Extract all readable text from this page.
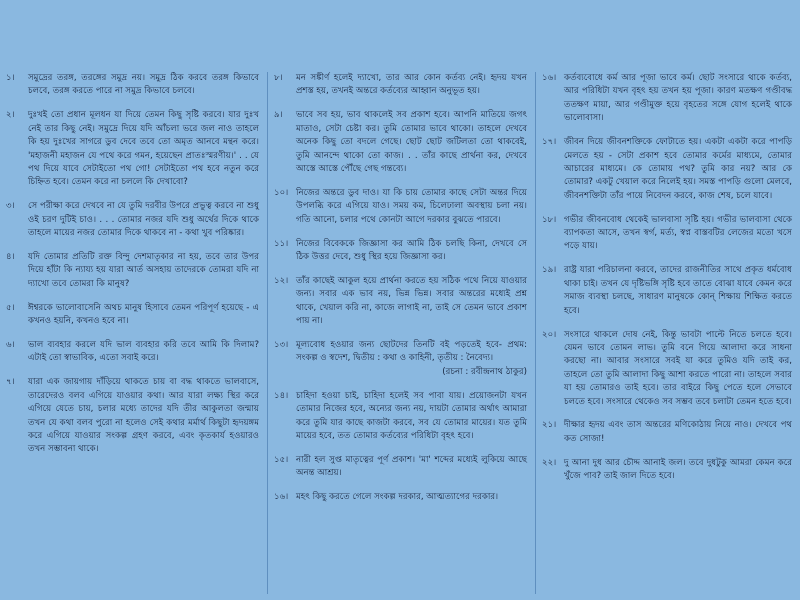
১।	সমুদ্রের তরঙ্গ, তরঙ্গের সমুদ্র নয়। সমুদ্র ঠিক করবে তরঙ্গ কিভাবে চলবে, তরঙ্গ করতে পারে না সমুদ্র কিভাবে চলবে।
২।	দুঃখই তো প্রধান মূলধন যা দিয়ে তেমন কিছু সৃষ্টি করবে। যার দুঃখ নেই তার কিছু নেই। সমুদ্রে দিয়ে যদি আঁচলা ভরে জল নাও তাহলে কি হয় দুঃখের সাগরে ডুব দেবে তবে তো অমৃত আনবে মন্থন করে। 'মহাজনী মহাজন যে পথে করে গমন, হয়েছেন প্রাতঃস্মরণীয়।' . . যে পথ দিয়ে যাবে সেটাইতো পথ গো! সেটাইতো পথ হবে নতুন করে চিহ্নিত হবে। তেমন করে না চললে কি দেখাবো?
৩।	সে পরীক্ষা করে দেখবে না যে তুমি দরবীর উপরে প্রভুত্ব করবে না শুধু ওই চরণ দুটিই চাও। . . . তোমার নজর যদি শুধু অর্থের দিকে থাকে তাহলে মায়ের নজর তোমার দিকে থাকবে না - কথা খুব পরিষ্কার।
৪।	যদি তোমার প্রতিটি রক্ত বিন্দু দেশমাতৃকার না হয়, তবে তার উপর দিয়ে হাঁটা কি ন্যায্য হয় যারা আর্ত অসহায় তাদেরকে তোমরা যদি না দ্যাখো তবে তোমরা কি মানুষ?
৫।	ঈশ্বরকে ভালোবাসেনি অথচ মানুষ হিসাবে তেমন পরিপূর্ণ হয়েছে - এ কখনও হয়নি, কখনও হবে না।
৬।	ভাল ব্যবহার করলে যদি ভাল ব্যবহার করি তবে আমি কি দিলাম? এটাই তো স্বাভাবিক, এতো সবাই করে।
৭।	যারা এক জায়গায় দাঁড়িয়ে থাকতে চায় বা বদ্ধ থাকতে ভালবাসে, তারেদেরও বলব এগিয়ে যাওয়ার কথা। আর যারা লক্ষ্য স্থির করে এগিয়ে যেতে চায়, চলার মধ্যে তাদের যদি তীর আকুলতা জন্মায় তখন যে কথা বলব পুরো না হলেও সেই কথার মর্মার্থ কিছুটা হৃদয়ঙ্গম করে এগিয়ে যাওয়ার সংকল্প গ্রহণ করবে, এবং কৃতকার্য হওয়ারও তখন সম্ভাবনা থাকে।
৮।	মন সঙ্কীর্ণ হলেই দ্যাখো, তার আর কোন কর্তব্য নেই। হৃদয় যখন প্রশস্ত হয়, তখনই অন্তরে কর্তব্যের আহ্বান অনুভূত হয়।
৯।	ভাবে সব হয়, ভাব থাকলেই সব প্রকাশ হবে। আপনি মাতিয়ে জগৎ মাতাও, সেটা চেষ্টা কর। তুমি তোমার ভাবে থাকো। তাহলে দেখবে অনেক কিছু তো বদলে গেছে। ছোট ছোট জটিলতা তো থাকবেই, তুমি আনন্দে থাকো তো কাজ। . . তাঁর কাছে প্রার্থনা কর, দেখবে আস্তে আস্তে পৌঁছে গেছ গন্তব্যে।
১০। নিজের অন্তরে ডুব দাও। যা কি চায় তোমার কাছে সেটা অন্তর দিয়ে উপলব্ধি করে এগিয়ে যাও। সময় কম, চিলেঢালা অবস্থায় চলা নয়। গতি আনো, চলার পথে কোনটা আগে দরকার বুঝতে পারবে।
১১। নিজের বিবেককে জিজ্ঞাসা কর আমি ঠিক চলছি কিনা, দেখবে সে ঠিক উত্তর দেবে, শুধু স্থির হয়ে জিজ্ঞাসা কর।
১২। তাঁর কাছেই আকুল হয়ে প্রার্থনা করতে হয় সঠিক পথে নিয়ে যাওয়ার জন্য। সবার এক ভাব নয়, ভিন্ন ভিন্ন। সবার অন্তরের মধ্যেই প্রশ্ন থাকে, খেয়াল করি না, কাজে লাগাই না, তাই সে তেমন ভাবে প্রকাশ পায় না।
১৩। মূল্যবোধ হওয়ার জন্য ছোটদের তিনটি বই পড়তেই হবে- প্রথম: সংকল্প ও স্বদেশ, দ্বিতীয় : কথা ও কাহিনী, তৃতীয় : নৈবেদ্য।
(রচনা : রবীন্দ্রনাথ ঠাকুর)
১৪। চাহিদা হওয়া চাই, চাহিদা হলেই সব পাবা যায়। প্রয়োজনটা যখন তোমার নিজের হবে, অন্যের জন্য নয়, দায়টা তোমার অর্থাৎ আমারা করে তুমি যার কাছে কাজটা করবে, সব যে তোমার মায়ের। যত তুমি মায়ের হবে, তত তোমার কর্তব্যের পরিধিটা বৃহৎ হবে।
১৫। নারী হল সুপ্ত মাতৃত্বের পূর্ণ প্রকাশ। 'মা' শব্দের মধ্যেই লুকিয়ে আছে অনন্ত আশ্রয়।
১৬। মহৎ কিছু করতে গেলে সংকল্প দরকার, আত্মত্যাগের দরকার।
১৬। কর্তব্যবোধে কর্ম আর পূজা ভাবে কর্ম। ছোট সংসারে থাকে কর্তব্য, আর পরিধিটা যখন বৃহৎ হয় তখন হয় পূজা। কারণ মতক্ষণ গণ্ডীবদ্ধ ততক্ষণ মায়া, আর গণ্ডীমুক্ত হয়ে বৃহতের সঙ্গে যোগ হলেই থাকে ভালোবাসা।
১৭। জীবন দিয়ে জীবনশক্তিকে ফোটাতে হয়। একটা একটা করে পাপড়ি মেলতে হয় - সেটা প্রকাশ হবে তোমার কর্মের মাধ্যমে, তোমার আচারের মাধ্যমে। কে তোমায় পথ? তুমি কার নয়? আর কে তোমার? একটু খেয়াল করে নিলেই হয়। সমস্ত পাপড়ি গুলো মেলবে, জীবনশক্তিটা তাঁর পায়ে নিবেদন করবে, কাজ শেষ, চলে যাবে।
১৮। গভীর জীবনবোধ থেকেই ভালবাসা সৃষ্টি হয়। গভীর ভালবাসা থেকে ব্যাপকতা আসে, তখন স্বর্গ, মর্ত্য, স্বপ্ন বাস্তবটির লেজের মতো খসে পড়ে যায়।
১৯। রাষ্ট্র যারা পরিচালনা করবে, তাদের রাজনীতির সাথে প্রকৃত ধর্মবোধ থাকা চাই। তখন যে দৃষ্টিভঙ্গি সৃষ্টি হবে তাতে বোঝা যাবে কেমন করে সমাজ ব্যবস্থা চলছে, সাধারণ মানুষকে কোন্‌ শিক্ষায় শিক্ষিত করতে হবে।
২০। সংসারে থাকলে দোষ নেই, কিন্তু ভাবটা পাল্টে নিতে চলতে হবে। যেমন ভাবে তোমন লাভ। তুমি বনে গিয়ে আলাদা করে সাধনা করছো না। আবার সংসারে সবই যা করে তুমিও যদি তাই কর, তাহলে তো তুমি আলাদা কিছু আশা করতে পারো না। তাহলে সবার যা হয় তোমারও তাই হবে। তার বাইরে কিছু পেতে হলে সেভাবে চলতে হবে। সংসারে থেকেও সব সম্ভব তবে চলাটা তেমন হতে হবে।
২১। দীক্ষার হৃদয় এবং তাস অন্তরের মণিকোঠায় নিয়ে নাও। দেখবে পথ কত সোজা!
২২। দু আনা দুধ আর চৌদ্দ আনাই জল। তবে দুধটুকু আমরা কেমন করে খুঁজে পাব? তাই জাল দিতে হবে।
